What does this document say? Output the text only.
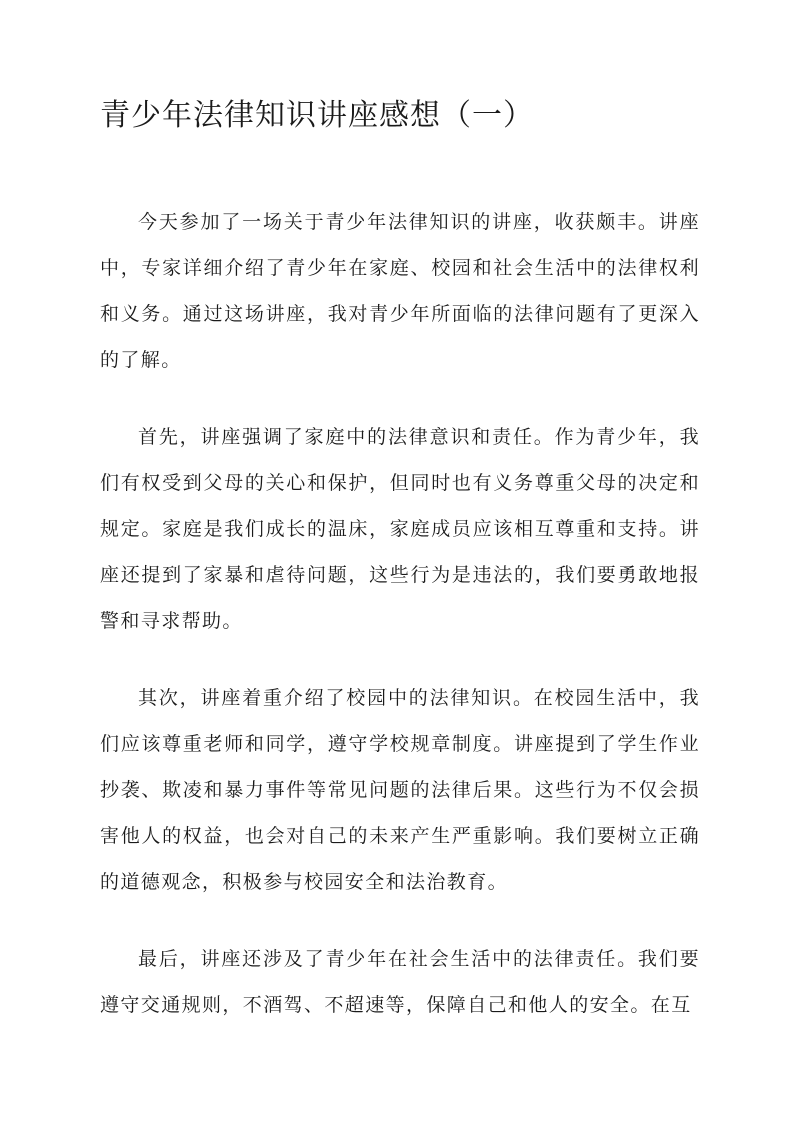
青少年法律知识讲座感想（一）

今天参加了一场关于青少年法律知识的讲座，收获颇丰。讲座中，专家详细介绍了青少年在家庭、校园和社会生活中的法律权利和义务。通过这场讲座，我对青少年所面临的法律问题有了更深入的了解。

首先，讲座强调了家庭中的法律意识和责任。作为青少年，我们有权受到父母的关心和保护，但同时也有义务尊重父母的决定和规定。家庭是我们成长的温床，家庭成员应该相互尊重和支持。讲座还提到了家暴和虐待问题，这些行为是违法的，我们要勇敢地报警和寻求帮助。

其次，讲座着重介绍了校园中的法律知识。在校园生活中，我们应该尊重老师和同学，遵守学校规章制度。讲座提到了学生作业抄袭、欺凌和暴力事件等常见问题的法律后果。这些行为不仅会损害他人的权益，也会对自己的未来产生严重影响。我们要树立正确的道德观念，积极参与校园安全和法治教育。

最后，讲座还涉及了青少年在社会生活中的法律责任。我们要遵守交通规则，不酒驾、不超速等，保障自己和他人的安全。在互
